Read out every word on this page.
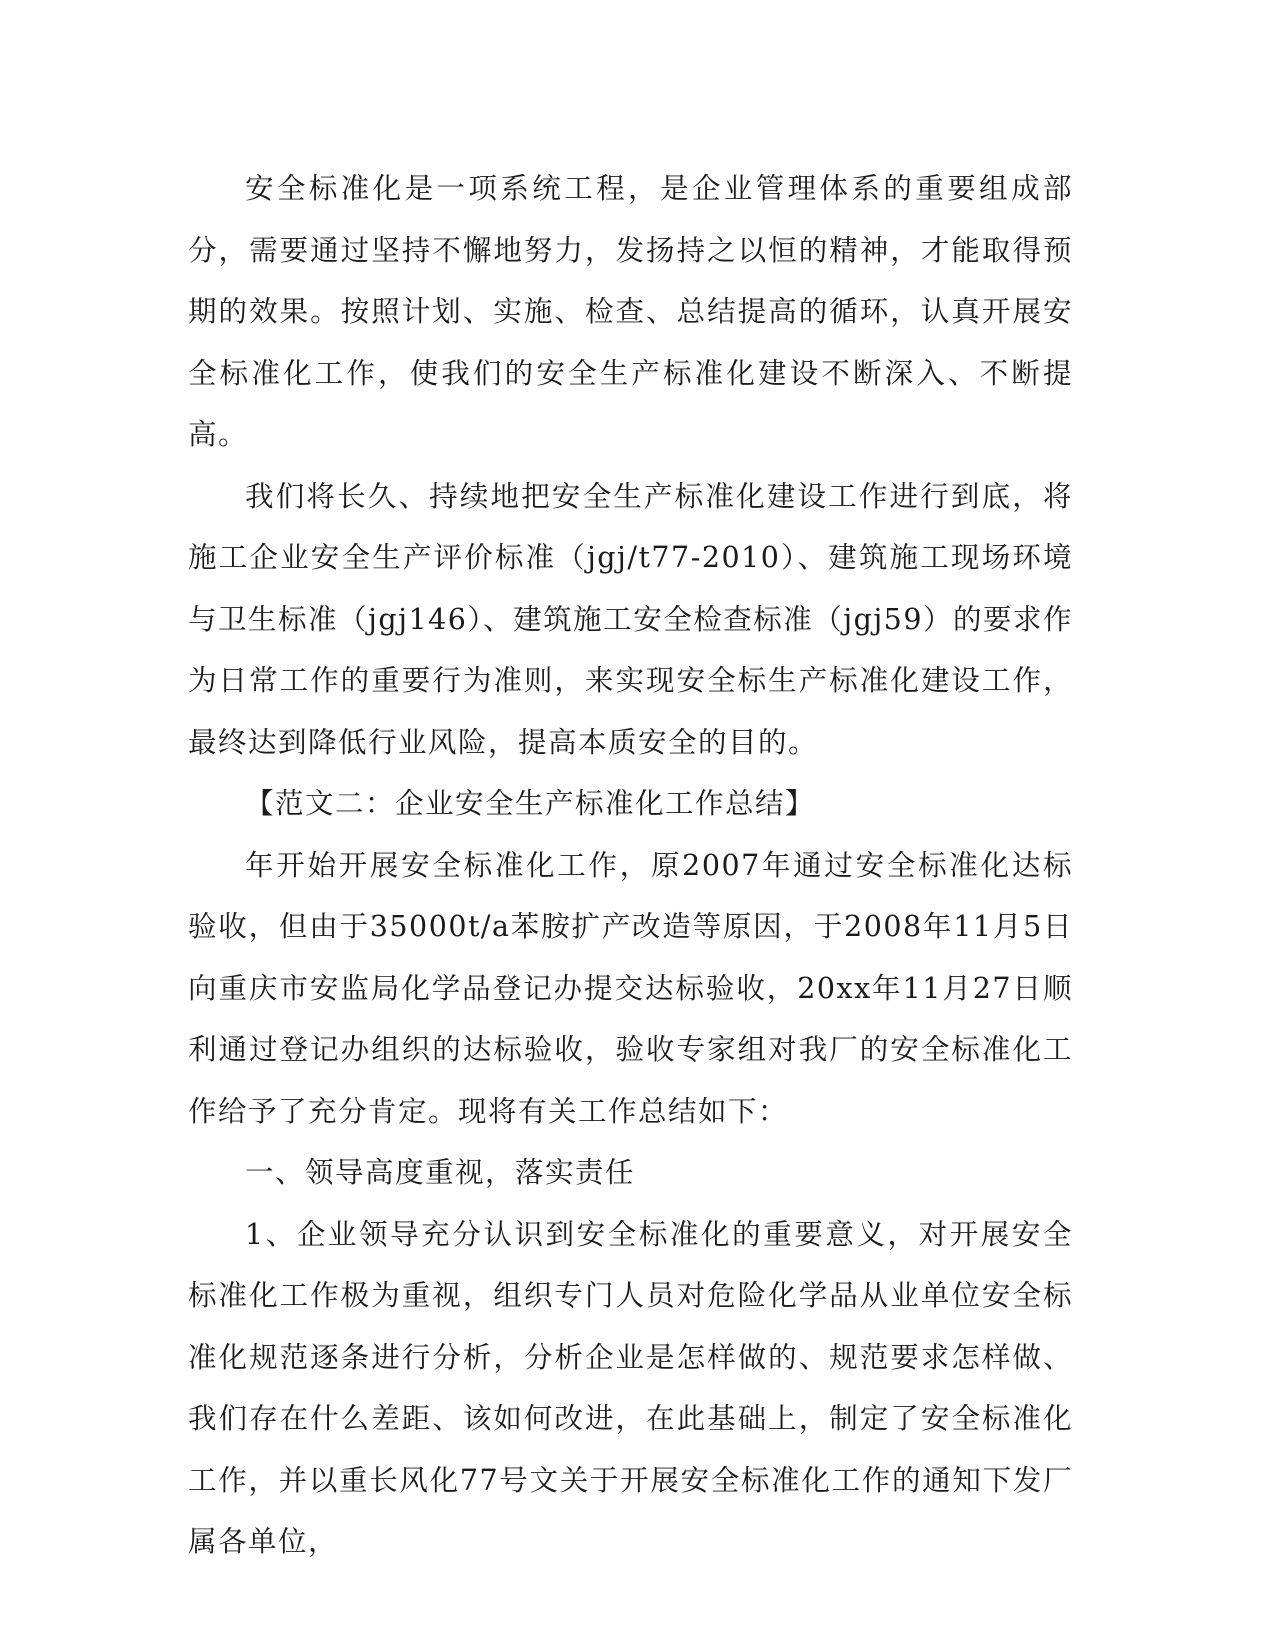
安全标准化是一项系统工程，是企业管理体系的重要组成部分，需要通过坚持不懈地努力，发扬持之以恒的精神，才能取得预期的效果。按照计划、实施、检查、总结提高的循环，认真开展安全标准化工作，使我们的安全生产标准化建设不断深入、不断提高。

我们将长久、持续地把安全生产标准化建设工作进行到底，将施工企业安全生产评价标准（jgj/t77-2010）、建筑施工现场环境与卫生标准（jgj146）、建筑施工安全检查标准（jgj59）的要求作为日常工作的重要行为准则，来实现安全标生产标准化建设工作，最终达到降低行业风险，提高本质安全的目的。

【范文二：企业安全生产标准化工作总结】

年开始开展安全标准化工作，原2007年通过安全标准化达标验收，但由于35000t/a苯胺扩产改造等原因，于2008年11月5日向重庆市安监局化学品登记办提交达标验收，20xx年11月27日顺利通过登记办组织的达标验收，验收专家组对我厂的安全标准化工作给予了充分肯定。现将有关工作总结如下：

一、领导高度重视，落实责任

1、企业领导充分认识到安全标准化的重要意义，对开展安全标准化工作极为重视，组织专门人员对危险化学品从业单位安全标准化规范逐条进行分析，分析企业是怎样做的、规范要求怎样做、我们存在什么差距、该如何改进，在此基础上，制定了安全标准化工作，并以重长风化77号文关于开展安全标准化工作的通知下发厂属各单位，
